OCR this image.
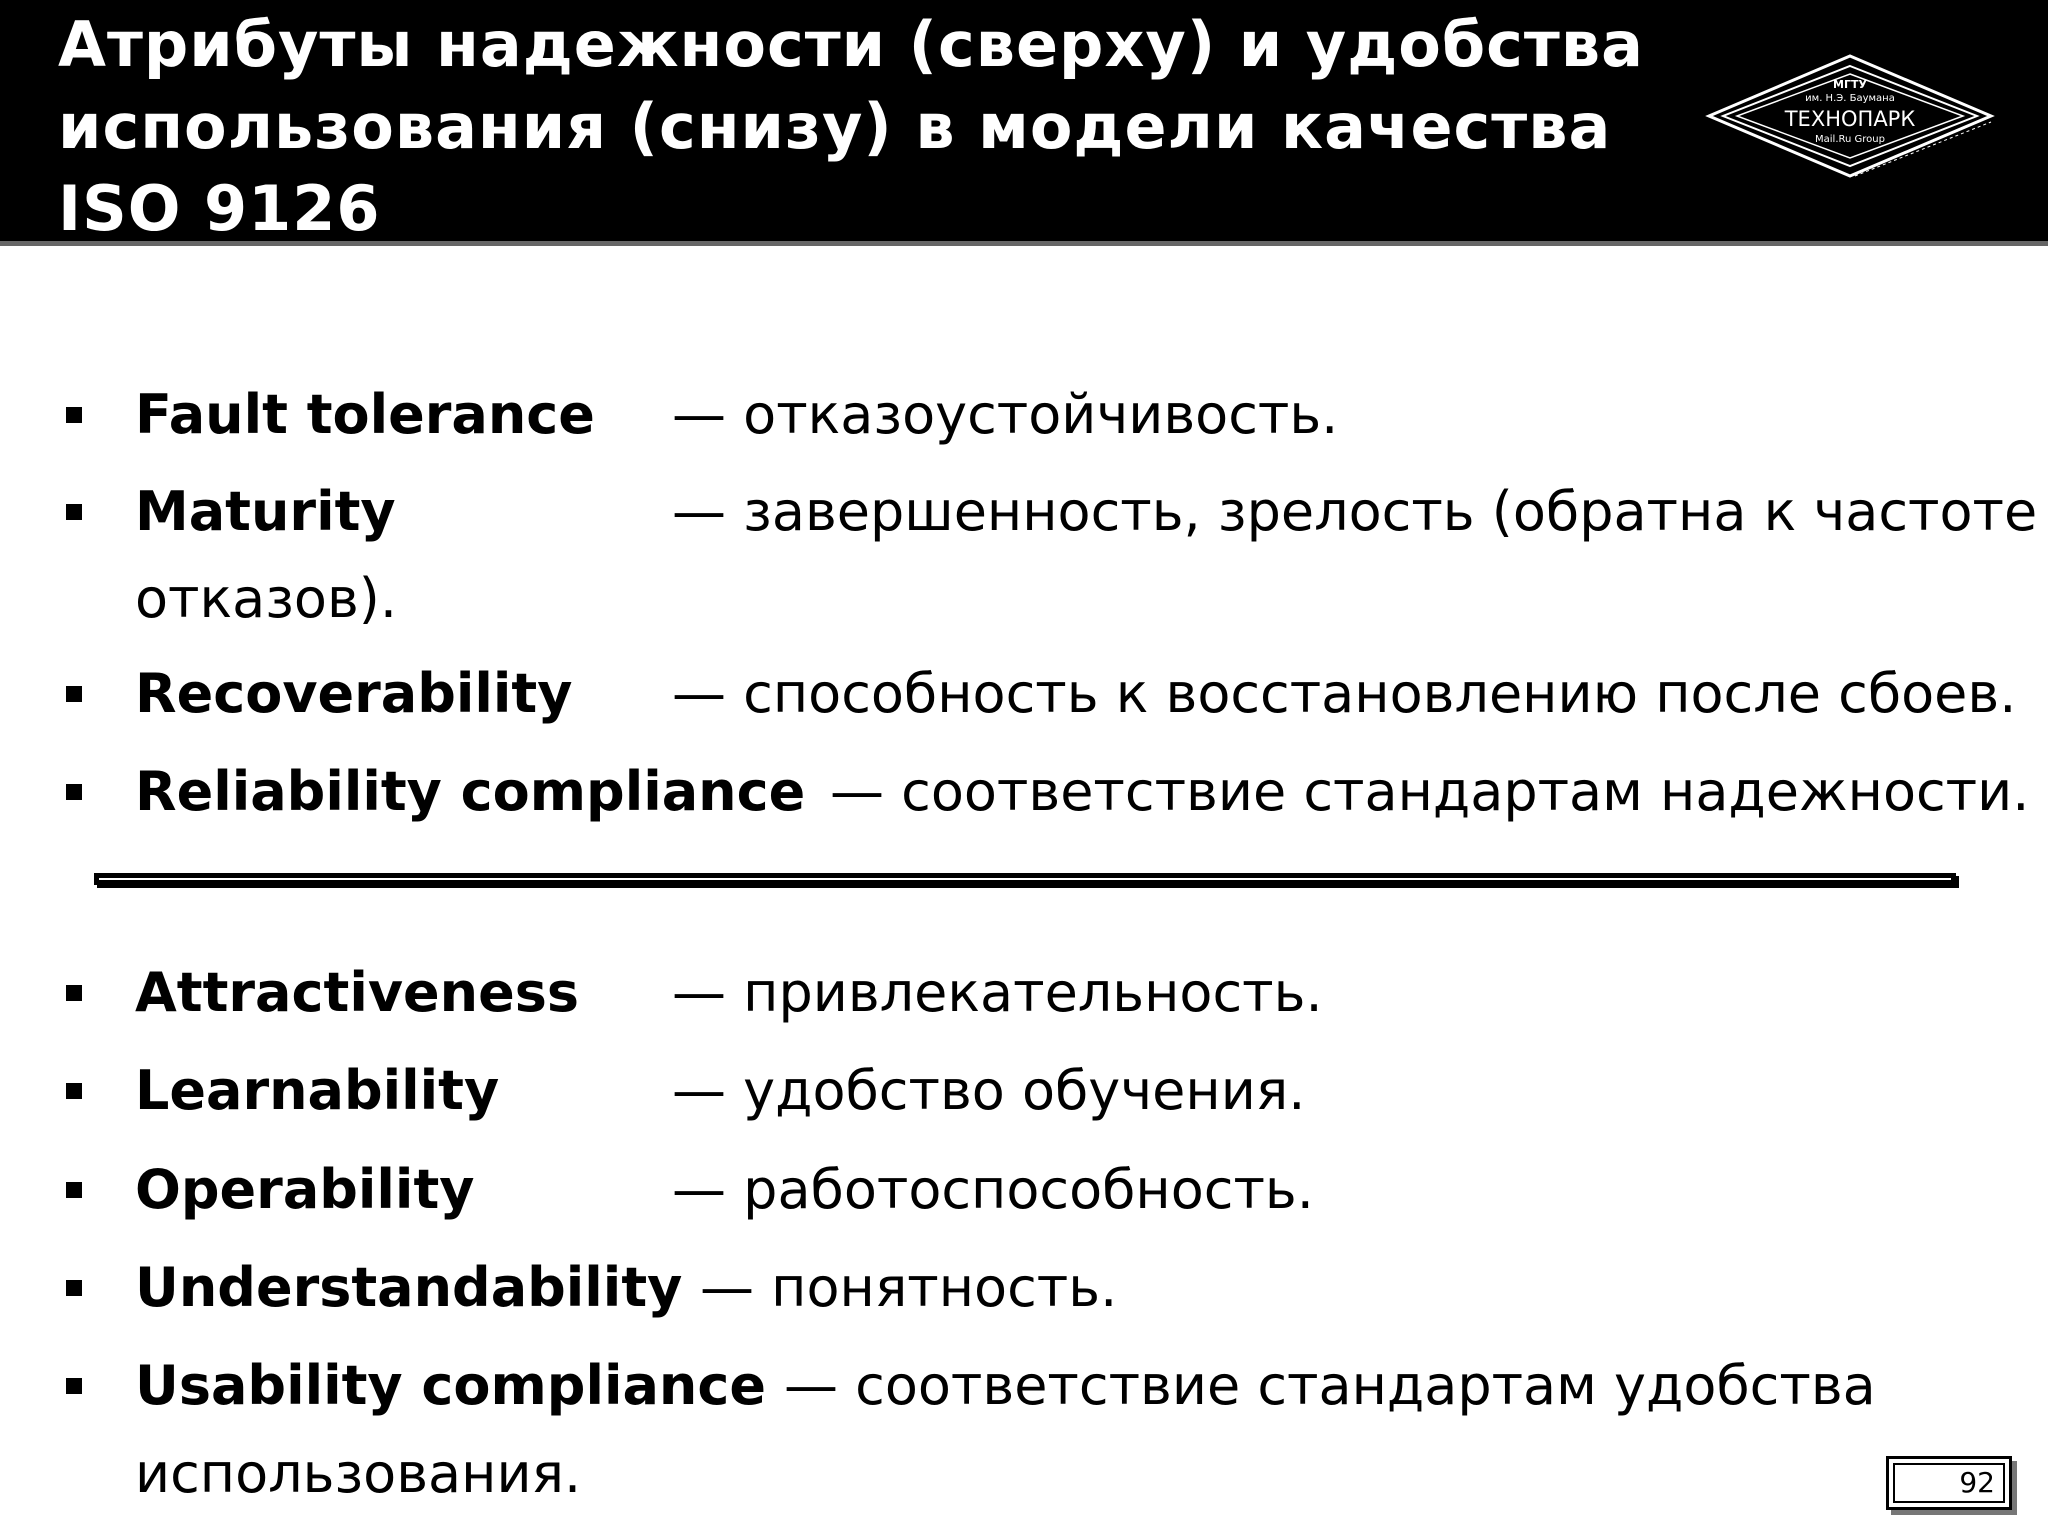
Атрибуты надежности (сверху) и удобства
использования (снизу) в модели качества
ISO 9126
МГТУ
им. Н.Э. Баумана
ТЕХНОПАРК
Mail.Ru Group
Fault tolerance — отказоустойчивость.
Maturity	— завершенность, зрелость (обратна к частоте
отказов).
Recoverability — способность к восстановлению после сбоев.
Reliability compliance — соответствие стандартам надежности.
Attractiveness — привлекательность.
Learnability	— удобство обучения.
Operability	— работоспособность.
Understandability — понятность.
Usability compliance — соответствие стандартам удобства
использования.	92
